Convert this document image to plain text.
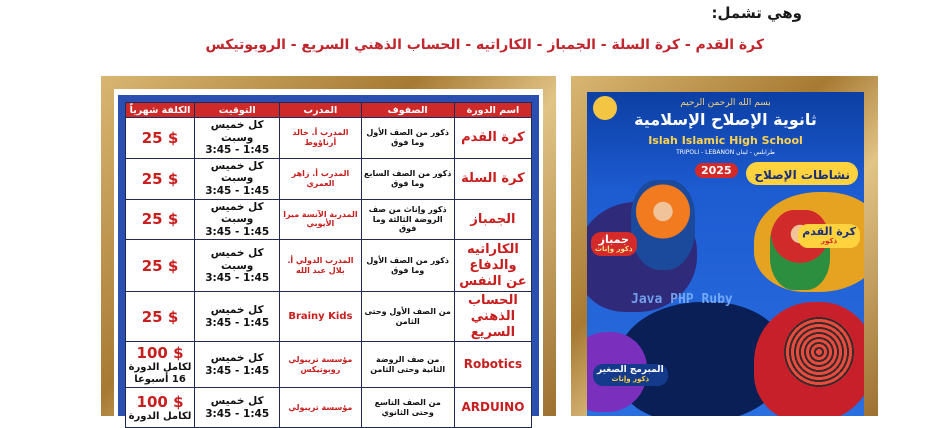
وهي تشمل:
كرة القدم - كرة السلة - الجمباز - الكاراتيه - الحساب الذهني السريع - الروبوتيكس
اسم الدورة	الصفوف	المدرب	التوقيت	الكلفة شهرياً
كرة القدم	ذكور من الصف الأول وما فوق	المدرب أ. خالد أرناؤوط	كل خميس وسبت
3:45 - 1:45	25 $

كرة السلة	ذكور من الصف السابع وما فوق	المدرب أ. زاهر العمري	كل خميس وسبت
3:45 - 1:45	25 $

الجمباز	ذكور وإناث من صف الروضة الثالثة وما فوق	المدربة الآنسة ميرا الأيوبي	كل خميس وسبت
3:45 - 1:45	25 $

الكاراتيه والدفاع عن النفس	ذكور من الصف الأول وما فوق	المدرب الدولي أ. بلال عبد الله	كل خميس وسبت
3:45 - 1:45	25 $

الحساب الذهني السريع	من الصف الأول وحتى الثامن	Brainy Kids	كل خميس
3:45 - 1:45	25 $

Robotics	من صف الروضة الثانية وحتى الثامن	مؤسسة تريبولي روبوتيكس	كل خميس
3:45 - 1:45	100 $
لكامل الدورة
16 أسبوعا

ARDUINO	من الصف التاسع وحتى الثانوي	مؤسسة تريبولي	كل خميس
3:45 - 1:45	100 $
لكامل الدورة
بسم الله الرحمن الرحيم
ثانوية الإصلاح الإسلامية
Islah Islamic High School
TRIPOLI - LEBANON طرابلس - لبنان
2025	نشاطات الإصلاح
Java PHP Ruby
جمباز
ذكور وإناث
كرة القدم
ذكور
المبرمج الصغير
ذكور وإناث
